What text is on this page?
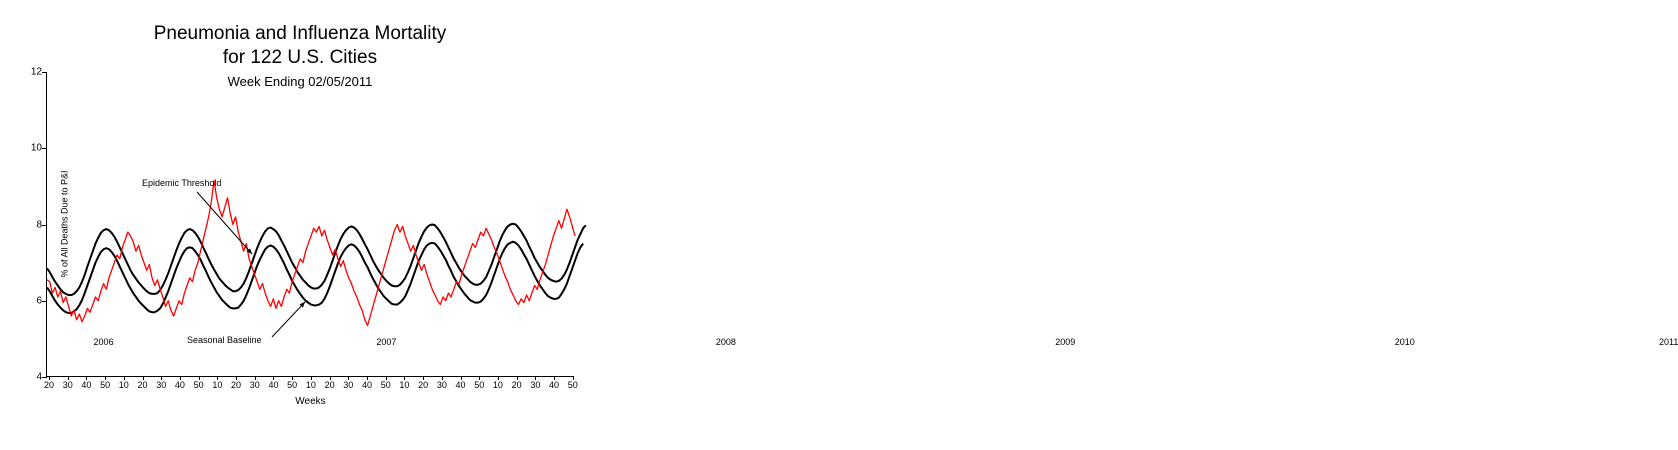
Pneumonia and Influenza Mortality
for 122 U.S. Cities
Week Ending 02/05/2011
% of All Deaths Due to P&I
Weeks
4
6
8
10
12
20 30 40 50 10 20 30 40 50 10 20 30 40 50 10 20 30 40 50 10 20 30 40 50 10 20 30 40 50
2006	2007	2008	2009	2010	2011
Epidemic Threshold
Seasonal Baseline
